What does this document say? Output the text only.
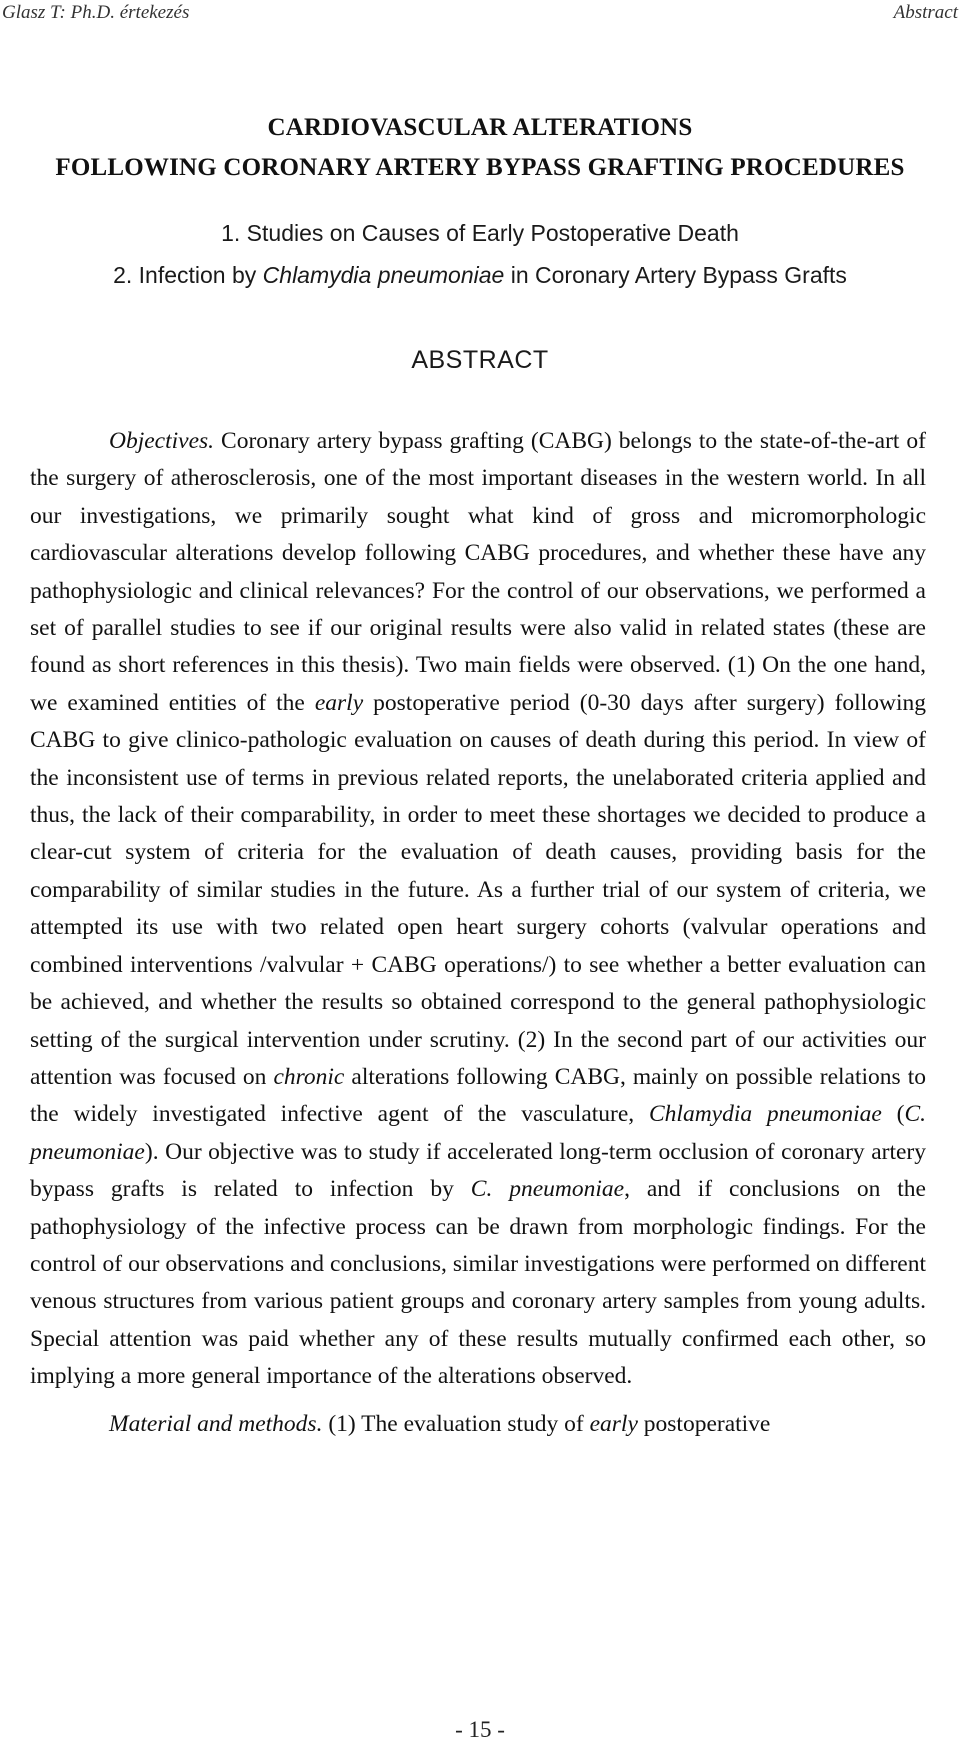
Glasz T: Ph.D. értekezés	Abstract
CARDIOVASCULAR ALTERATIONS
FOLLOWING CORONARY ARTERY BYPASS GRAFTING PROCEDURES
1. Studies on Causes of Early Postoperative Death
2. Infection by Chlamydia pneumoniae in Coronary Artery Bypass Grafts
ABSTRACT

Objectives. Coronary artery bypass grafting (CABG) belongs to the state-of-the-art of the surgery of atherosclerosis, one of the most important diseases in the western world. In all our investigations, we primarily sought what kind of gross and micromorphologic cardiovascular alterations develop following CABG procedures, and whether these have any pathophysiologic and clinical relevances? For the control of our observations, we performed a set of parallel studies to see if our original results were also valid in related states (these are found as short references in this thesis). Two main fields were observed. (1) On the one hand, we examined entities of the early postoperative period (0-30 days after surgery) following CABG to give clinico-pathologic evaluation on causes of death during this period. In view of the inconsistent use of terms in previous related reports, the unelaborated criteria applied and thus, the lack of their comparability, in order to meet these shortages we decided to produce a clear-cut system of criteria for the evaluation of death causes, providing basis for the comparability of similar studies in the future. As a further trial of our system of criteria, we attempted its use with two related open heart surgery cohorts (valvular operations and combined interventions /valvular + CABG operations/) to see whether a better evaluation can be achieved, and whether the results so obtained correspond to the general pathophysiologic setting of the surgical intervention under scrutiny. (2) In the second part of our activities our attention was focused on chronic alterations following CABG, mainly on possible relations to the widely investigated infective agent of the vasculature, Chlamydia pneumoniae (C. pneumoniae). Our objective was to study if accelerated long-term occlusion of coronary artery bypass grafts is related to infection by C. pneumoniae, and if conclusions on the pathophysiology of the infective process can be drawn from morphologic findings. For the control of our observations and conclusions, similar investigations were performed on different venous structures from various patient groups and coronary artery samples from young adults. Special attention was paid whether any of these results mutually confirmed each other, so implying a more general importance of the alterations observed.

Material and methods. (1) The evaluation study of early postoperative

- 15 -
